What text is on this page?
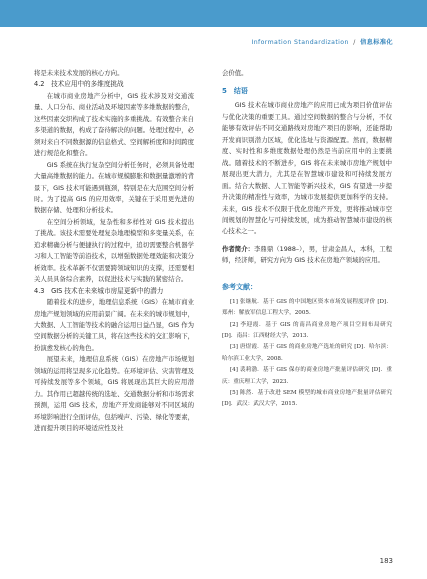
Information Standardization / 信息标准化

将是未来技术发展的核心方向。

4.2　技术应用中的多维度挑战

在城市商业房地产分析中，GIS 技术涉及对交通流量、人口分布、商业活动及环境因素等多维数据的整合，这些因素交织构成了技术实施的多重挑战。有效整合来自多渠道的数据，构成了奋待解决的问题。处理过程中，必须对来自不同数据源的信息格式、空间解析度和时间跨度进行规范化和整合。

GIS 系统在执行复杂空间分析任务时，必须具备处理大量高维数据的能力。在城市规模膨胀和数据量激增的背景下，GIS 技术可能遇到瓶颈，特别是在大范围空间分析时。为了提高 GIS 的应用效率，关键在于采用更先进的数据存储、处理和分析技术。

在空间分析领域，复杂性和多样性对 GIS 技术提出了挑战。该技术需要处理复杂地理模型和多变量关系，在追求精确分析与便捷执行的过程中，追切需要整合机器学习和人工智能等前沿技术，以增强数据处理效能和决策分析效率。技术革新不仅需要跨领域知识的支撑，还需要相关人员具备综合素养，以促进技术与实践的紧密结合。

4.3　GIS 技术在未来城市房屋更新中的潜力

随着技术的进步，地理信息系统（GIS）在城市商业房地产规划领域的应用前景广阔。在未来的城市规划中，大数据、人工智能等技术的融合运用日益凸显，GIS 作为空间数据分析的关键工具，将在这些技术的交汇影响下，扮演愈发核心的角色。

展望未来，地理信息系统（GIS）在房地产市场规划领域的运用将呈现多元化趋势。在环境评估、灾害管理及可持续发展等多个领域，GIS 将展现出其巨大的应用潜力。其作用已超越传统的选址、交通数据分析和市场需求预测，运用 GIS 技术，房地产开发商能够对不同区域的环境影响进行全面评估，包括噪声、污染、绿化等要素，进而提升项目的环境适应性及社

会价值。

5　结语

GIS 技术在城市商业房地产的应用已成为项目价值评估与优化决策的重要工具。通过空间数据的整合与分析，不仅能够有效评估不同交通路线对房地产项目的影响，还能帮助开发商识别潜力区域，优化选址与资源配置。然而，数据精度、实时性和多维度数据处理仍然是当前应用中的主要挑战。随着技术的不断进步，GIS 将在未来城市房地产规划中展现出更大潜力，尤其是在智慧城市建设和可持续发展方面。结合大数据、人工智能等新兴技术，GIS 有望进一步提升决策的精准性与效率，为城市发展提供更加科学的支持。未来，GIS 技术不仅限于优化房地产开发，更将推动城市空间规划的智慧化与可持续发展，成为推动智慧城市建设的核心技术之一。

作者简介：李鼎鼎（1988–），男，甘肃金昌人，本科，工程师，经济师，研究方向为 GIS 技术在房地产领域的应用。

参考文献：

[1] 张继航．基于 GIS 的中国地区资本市场发展程度评价 [D]．郑州：解放军信息工程大学，2005.

[2] 李迎霞．基于 GIS 的南昌商业房地产项目空间布局研究 [D]．南昌：江西财经大学，2013.

[3] 唐煜霞．基于 GIS 的商业房地产选址的研究 [D]．哈尔滨：哈尔滨工业大学，2008.

[4] 裴莉渤．基于 GIS 保存的商业房地产批量评估研究 [D]．重庆：重庆理工大学，2023.

[5] 陈然．基于改进 SEM 模型的城市商业房地产批量评估研究 [D]．武汉：武汉大学，2015.

183
